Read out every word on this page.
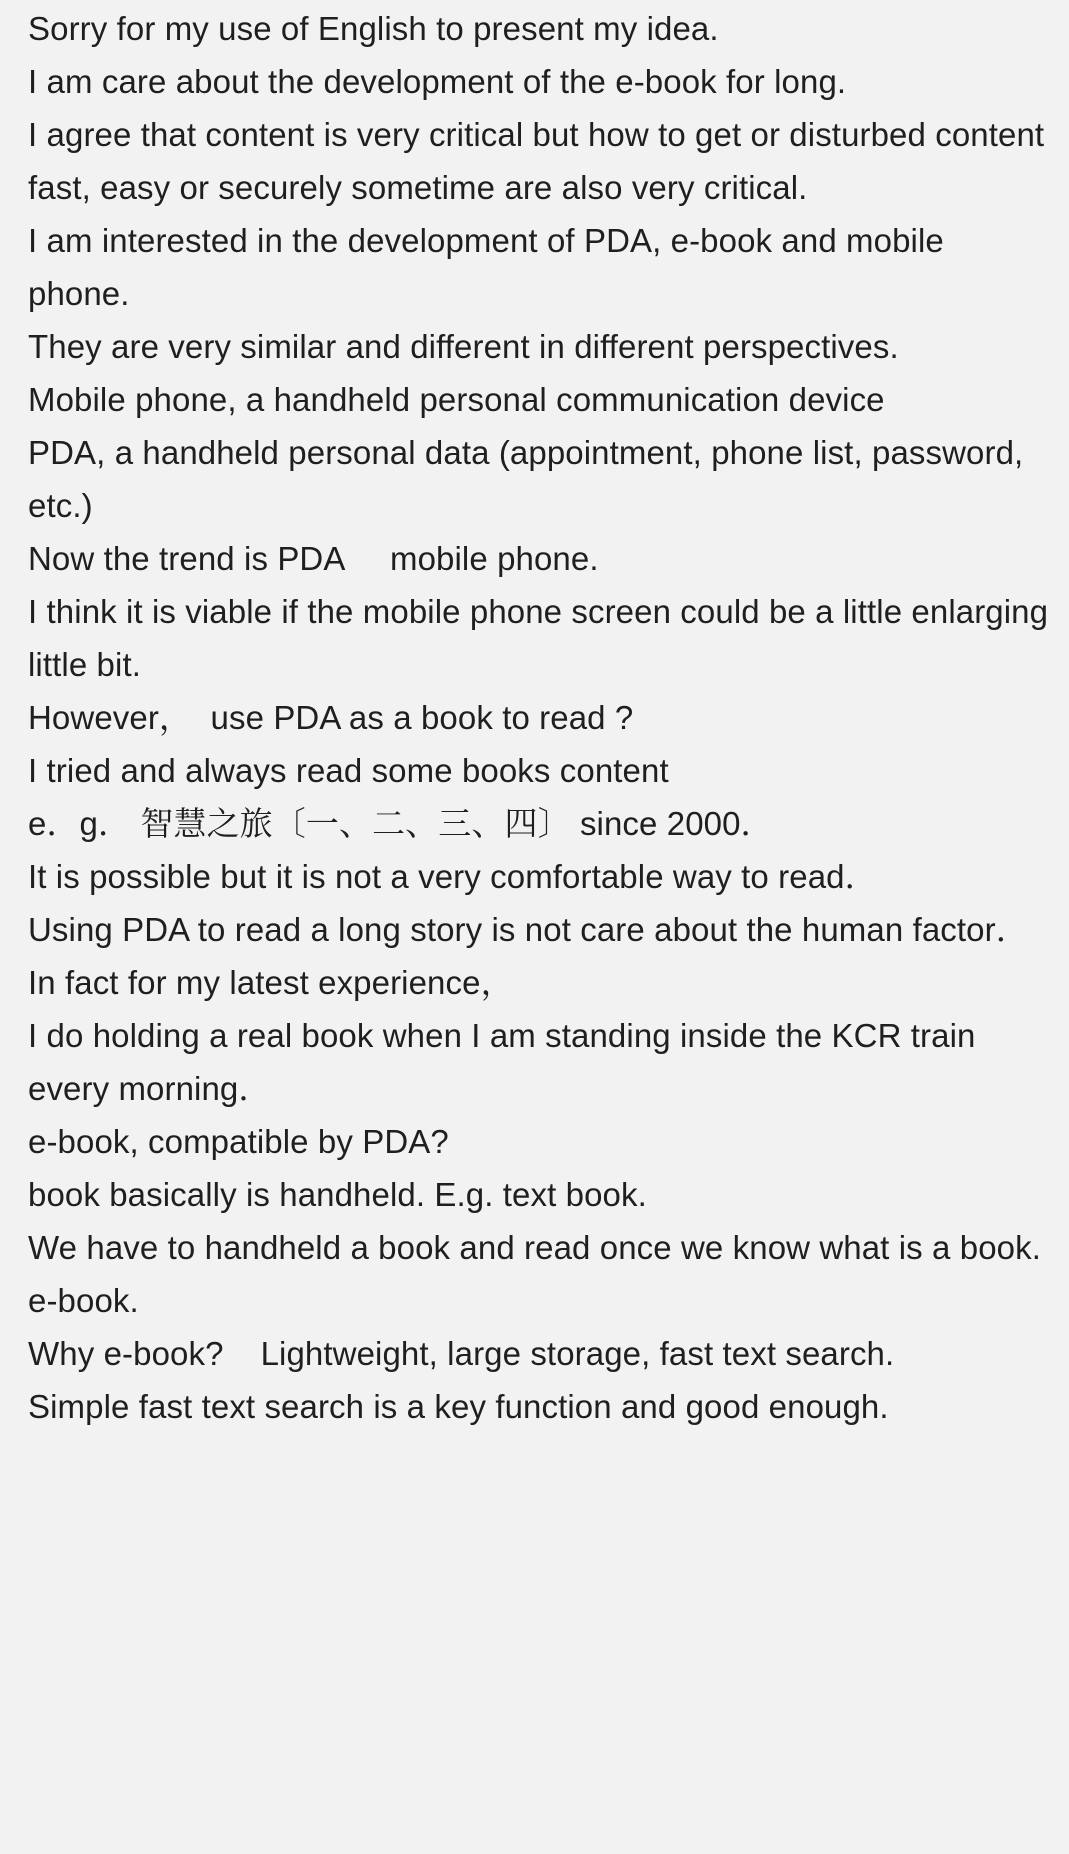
Sorry for my use of English to present my idea.
I am care about the development of the e-book for long.
I agree that content is very critical but how to get or disturbed content fast, easy or securely sometime are also very critical.
I am interested in the development of PDA, e-book and mobile phone.
They are very similar and different in different perspectives.
Mobile phone, a handheld personal communication device
PDA, a handheld personal data (appointment, phone list, password, etc.)
Now the trend is PDA     mobile phone.
I think it is viable if the mobile phone screen could be a little enlarging little bit.
However，  use PDA as a book to read ?
I tried and always read some books content
e．g． 智慧之旅〔一、二、三、四〕 since 2000．
It is possible but it is not a very comfortable way to read．
Using PDA to read a long story is not care about the human factor．
In fact for my latest experience，
I do holding a real book when I am standing inside the KCR train every morning．
e-book, compatible by PDA?
book basically is handheld. E.g. text book.
We have to handheld a book and read once we know what is a book.
e-book.
Why e-book?    Lightweight, large storage, fast text search.
Simple fast text search is a key function and good enough.
